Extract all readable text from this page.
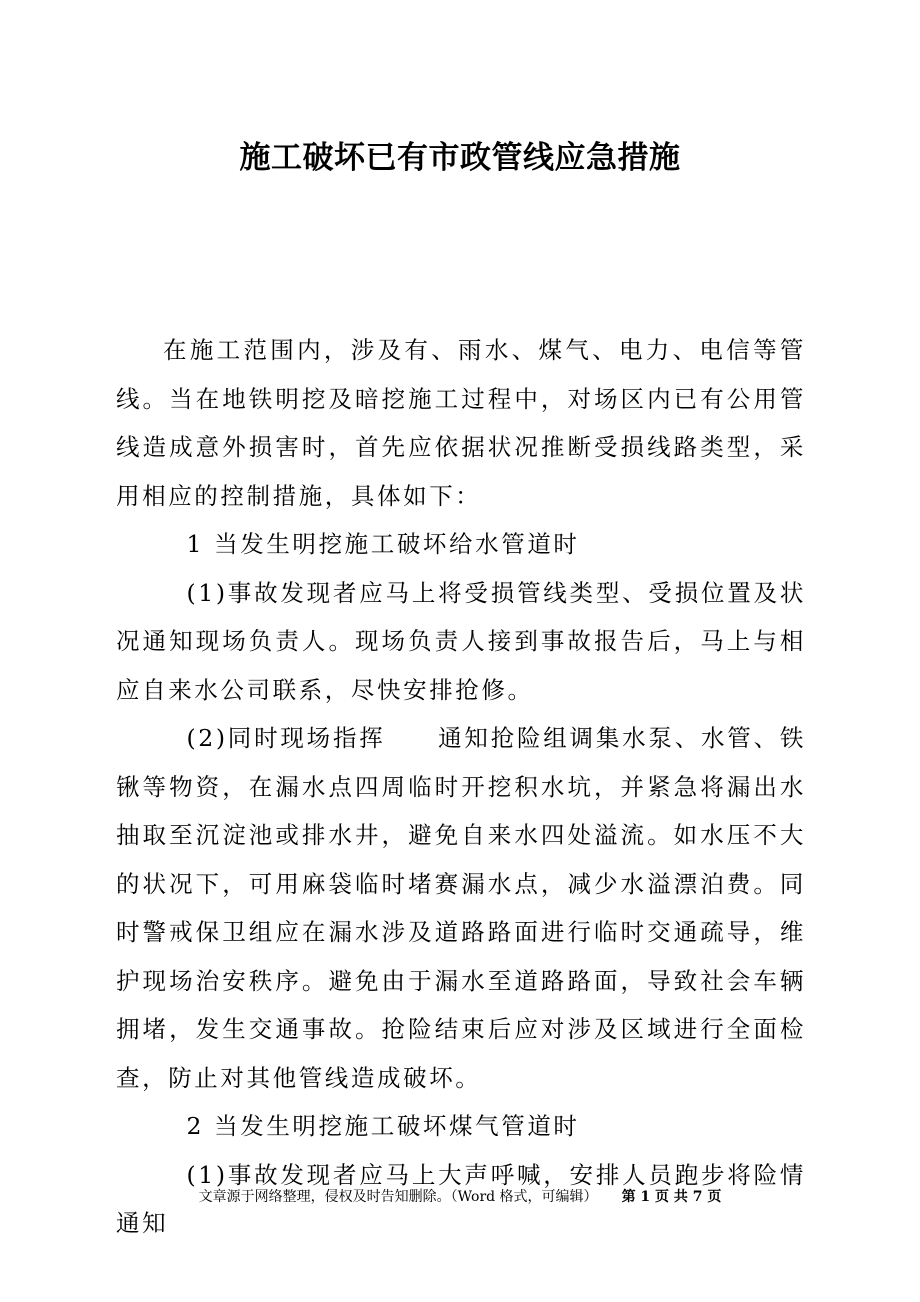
施工破坏已有市政管线应急措施

在施工范围内，涉及有、雨水、煤气、电力、电信等管线。当在地铁明挖及暗挖施工过程中，对场区内已有公用管线造成意外损害时，首先应依据状况推断受损线路类型，采用相应的控制措施，具体如下：

1 当发生明挖施工破坏给水管道时

(1)事故发现者应马上将受损管线类型、受损位置及状况通知现场负责人。现场负责人接到事故报告后，马上与相应自来水公司联系，尽快安排抢修。

(2)同时现场指挥　　通知抢险组调集水泵、水管、铁锹等物资，在漏水点四周临时开挖积水坑，并紧急将漏出水抽取至沉淀池或排水井，避免自来水四处溢流。如水压不大的状况下，可用麻袋临时堵赛漏水点，减少水溢漂泊费。同时警戒保卫组应在漏水涉及道路路面进行临时交通疏导，维护现场治安秩序。避免由于漏水至道路路面，导致社会车辆拥堵，发生交通事故。抢险结束后应对涉及区域进行全面检查，防止对其他管线造成破坏。

2 当发生明挖施工破坏煤气管道时

(1)事故发现者应马上大声呼喊，安排人员跑步将险情通知

文章源于网络整理，侵权及时告知删除。（Word 格式，可编辑） 第 1 页 共 7 页
